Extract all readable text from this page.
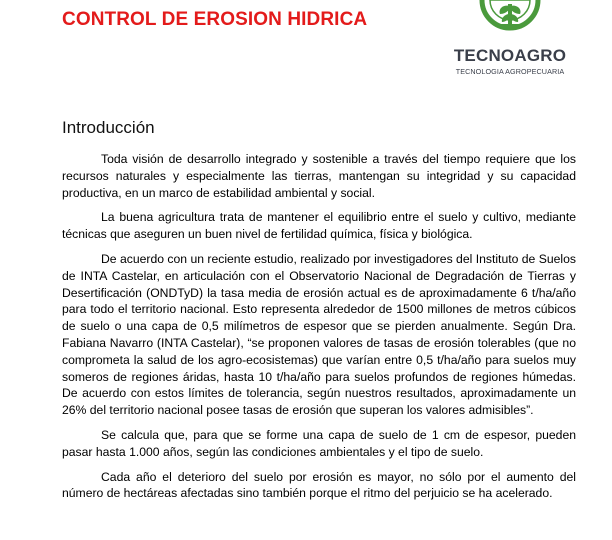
CONTROL DE EROSION HIDRICA
TECNOAGRO
TECNOLOGIA AGROPECUARIA
Introducción

Toda visión de desarrollo integrado y sostenible a través del tiempo requiere que los recursos naturales y especialmente las tierras, mantengan su integridad y su capacidad productiva, en un marco de estabilidad ambiental y social.

La buena agricultura trata de mantener el equilibrio entre el suelo y cultivo, mediante técnicas que aseguren un buen nivel de fertilidad química, física y biológica.

De acuerdo con un reciente estudio, realizado por investigadores del Instituto de Suelos de INTA Castelar, en articulación con el Observatorio Nacional de Degradación de Tierras y Desertificación (ONDTyD) la tasa media de erosión actual es de aproximadamente 6 t/ha/año para todo el territorio nacional. Esto representa alrededor de 1500 millones de metros cúbicos de suelo o una capa de 0,5 milímetros de espesor que se pierden anualmente. Según Dra. Fabiana Navarro (INTA Castelar), “se proponen valores de tasas de erosión tolerables (que no comprometa la salud de los agro-ecosistemas) que varían entre 0,5 t/ha/año para suelos muy someros de regiones áridas, hasta 10 t/ha/año para suelos profundos de regiones húmedas. De acuerdo con estos límites de tolerancia, según nuestros resultados, aproximadamente un 26% del territorio nacional posee tasas de erosión que superan los valores admisibles”.

Se calcula que, para que se forme una capa de suelo de 1 cm de espesor, pueden pasar hasta 1.000 años, según las condiciones ambientales y el tipo de suelo.

Cada año el deterioro del suelo por erosión es mayor, no sólo por el aumento del número de hectáreas afectadas sino también porque el ritmo del perjuicio se ha acelerado.
